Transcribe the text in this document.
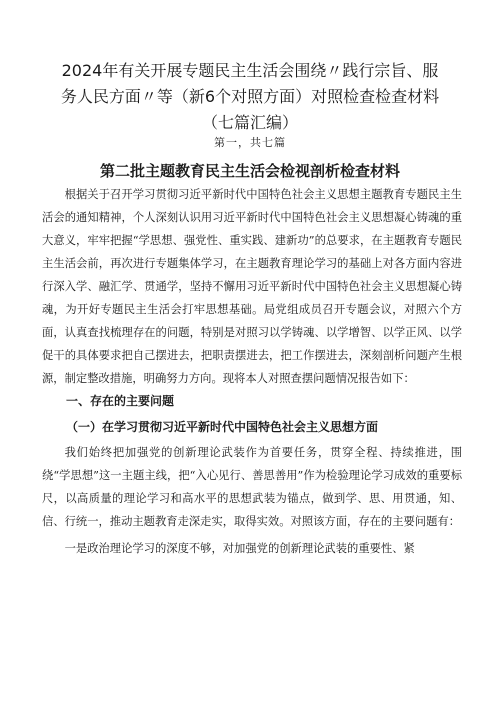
2024年有关开展专题民主生活会围绕〃践行宗旨、服务人民方面〃等（新6个对照方面）对照检查检查材料（七篇汇编）
第一，共七篇
第二批主题教育民主生活会检视剖析检查材料

根据关于召开学习贯彻习近平新时代中国特色社会主义思想主题教育专题民主生活会的通知精神，个人深刻认识用习近平新时代中国特色社会主义思想凝心铸魂的重大意义，牢牢把握“学思想、强党性、重实践、建新功”的总要求，在主题教育专题民主生活会前，再次进行专题集体学习，在主题教育理论学习的基础上对各方面内容进行深入学、融汇学、贯通学，坚持不懈用习近平新时代中国特色社会主义思想凝心铸魂，为开好专题民主生活会打牢思想基础。局党组成员召开专题会议，对照六个方面，认真查找梳理存在的问题，特别是对照习以学铸魂、以学增智、以学正风、以学促干的具体要求把自己摆进去，把职责摆进去，把工作摆进去，深刻剖析问题产生根源，制定整改措施，明确努力方向。现将本人对照查摆问题情况报告如下：

一、存在的主要问题

（一）在学习贯彻习近平新时代中国特色社会主义思想方面

我们始终把加强党的创新理论武装作为首要任务，贯穿全程、持续推进，围绕“学思想”这一主题主线，把“入心见行、善思善用”作为检验理论学习成效的重要标尺，以高质量的理论学习和高水平的思想武装为锚点，做到学、思、用贯通，知、信、行统一，推动主题教育走深走实，取得实效。对照该方面，存在的主要问题有：

一是政治理论学习的深度不够，对加强党的创新理论武装的重要性、紧
